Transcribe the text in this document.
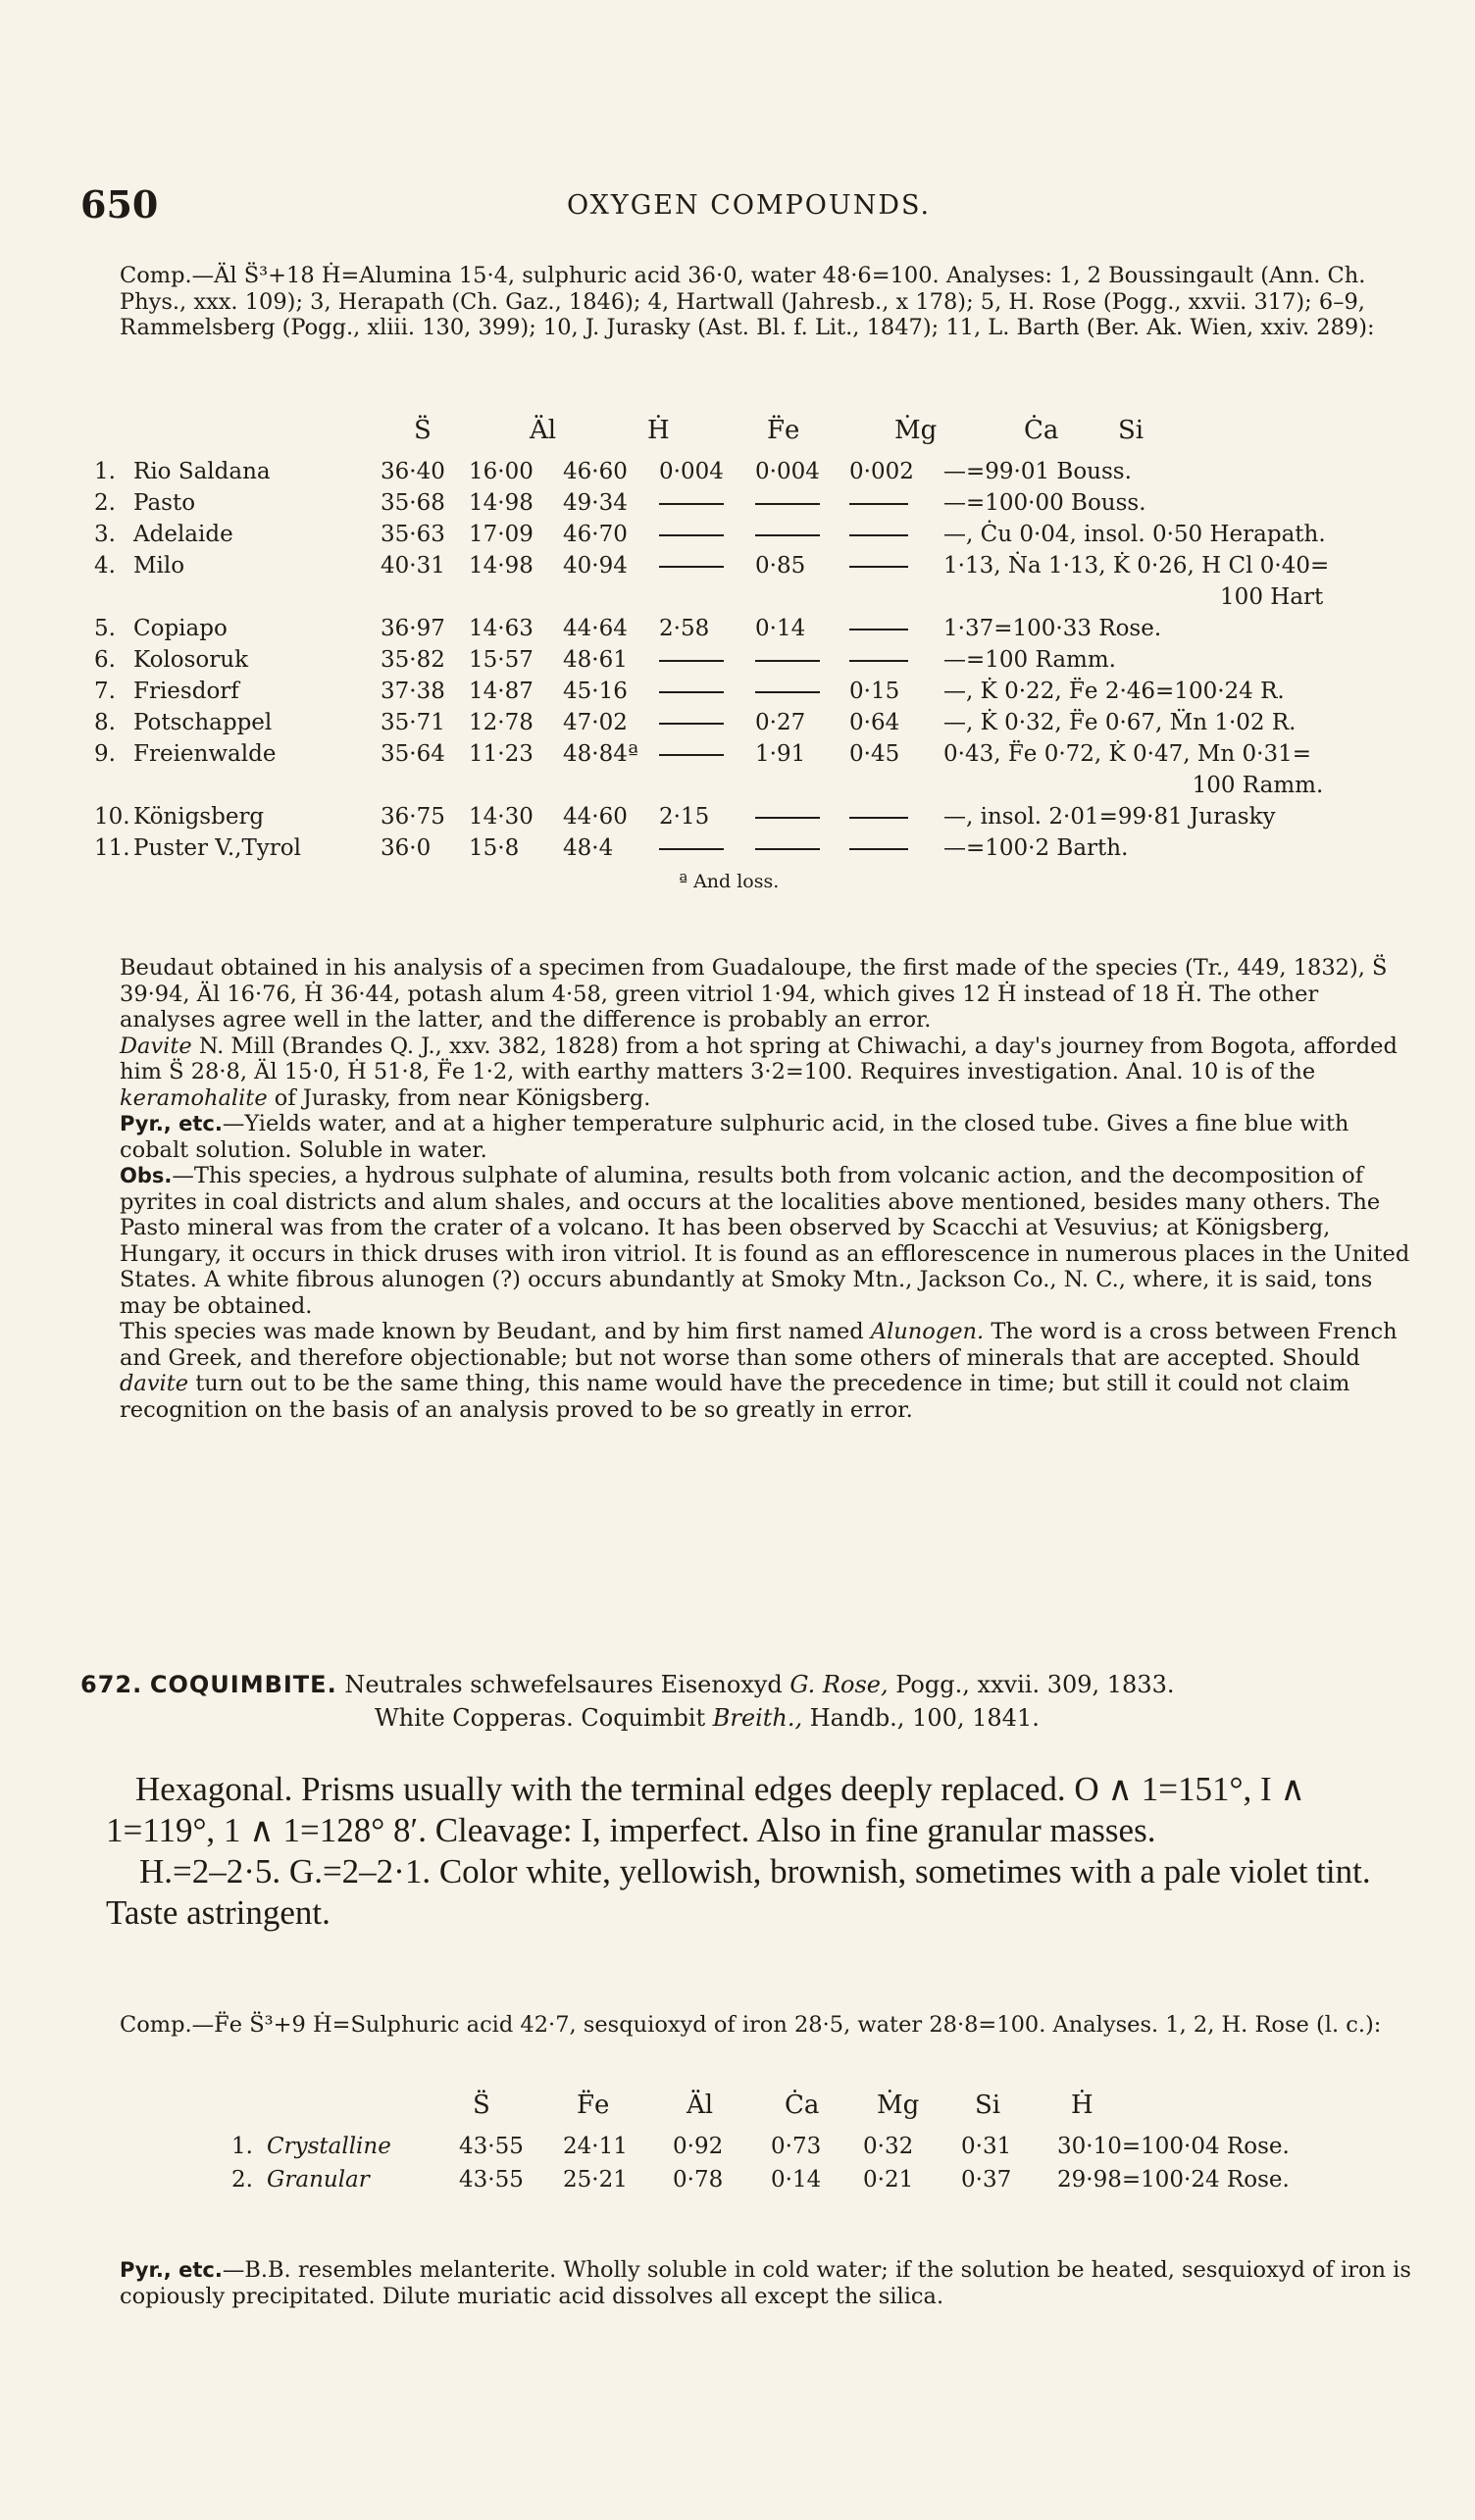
650	OXYGEN COMPOUNDS.

Comp.—Äl S̈³+18 Ḣ=Alumina 15·4, sulphuric acid 36·0, water 48·6=100. Analyses: 1, 2 Boussingault (Ann. Ch. Phys., xxx. 109); 3, Herapath (Ch. Gaz., 1846); 4, Hartwall (Jahresb., x 178); 5, H. Rose (Pogg., xxvii. 317); 6–9, Rammelsberg (Pogg., xliii. 130, 399); 10, J. Jurasky (Ast. Bl. f. Lit., 1847); 11, L. Barth (Ber. Ak. Wien, xxiv. 289):

		S̈	Äl	Ḣ	F̈e	Ṁg	Ċa	Si
1.	Rio Saldana	36·40	16·00	46·60	0·004	0·004	0·002	—=99·01 Bouss.
2.	Pasto	35·68	14·98	49·34				—=100·00 Bouss.
3.	Adelaide	35·63	17·09	46·70				—, Ċu 0·04, insol. 0·50 Herapath.
4.	Milo	40·31	14·98	40·94		0·85		1·13, Ṅa 1·13, K̇ 0·26, H Cl 0·40=
100 Hart								
5.	Copiapo	36·97	14·63	44·64	2·58	0·14		1·37=100·33 Rose.
6.	Kolosoruk	35·82	15·57	48·61				—=100 Ramm.
7.	Friesdorf	37·38	14·87	45·16			0·15	—, K̇ 0·22, F̈e 2·46=100·24 R.
8.	Potschappel	35·71	12·78	47·02		0·27	0·64	—, K̇ 0·32, F̈e 0·67, M̈n 1·02 R.
9.	Freienwalde	35·64	11·23	48·84ª		1·91	0·45	0·43, F̈e 0·72, K̇ 0·47, Mn 0·31=
100 Ramm.								
10.	Königsberg	36·75	14·30	44·60	2·15			—, insol. 2·01=99·81 Jurasky
11.	Puster V.,Tyrol	36·0	15·8	48·4				—=100·2 Barth.
ª And loss.

Beudaut obtained in his analysis of a specimen from Guadaloupe, the first made of the species (Tr., 449, 1832), S̈ 39·94, Äl 16·76, Ḣ 36·44, potash alum 4·58, green vitriol 1·94, which gives 12 Ḣ instead of 18 Ḣ. The other analyses agree well in the latter, and the difference is probably an error.

Davite N. Mill (Brandes Q. J., xxv. 382, 1828) from a hot spring at Chiwachi, a day's journey from Bogota, afforded him S̈ 28·8, Äl 15·0, Ḣ 51·8, F̈e 1·2, with earthy matters 3·2=100. Requires investigation. Anal. 10 is of the keramohalite of Jurasky, from near Königsberg.

Pyr., etc.—Yields water, and at a higher temperature sulphuric acid, in the closed tube. Gives a fine blue with cobalt solution. Soluble in water.

Obs.—This species, a hydrous sulphate of alumina, results both from volcanic action, and the decomposition of pyrites in coal districts and alum shales, and occurs at the localities above mentioned, besides many others. The Pasto mineral was from the crater of a volcano. It has been observed by Scacchi at Vesuvius; at Königsberg, Hungary, it occurs in thick druses with iron vitriol. It is found as an efflorescence in numerous places in the United States. A white fibrous alunogen (?) occurs abundantly at Smoky Mtn., Jackson Co., N. C., where, it is said, tons may be obtained.

This species was made known by Beudant, and by him first named Alunogen. The word is a cross between French and Greek, and therefore objectionable; but not worse than some others of minerals that are accepted. Should davite turn out to be the same thing, this name would have the precedence in time; but still it could not claim recognition on the basis of an analysis proved to be so greatly in error.

672. COQUIMBITE. Neutrales schwefelsaures Eisenoxyd G. Rose, Pogg., xxvii. 309, 1833.
White Copperas. Coquimbit Breith., Handb., 100, 1841.

Hexagonal. Prisms usually with the terminal edges deeply replaced. O ∧ 1=151°, I ∧ 1=119°, 1 ∧ 1=128° 8′. Cleavage: I, imperfect. Also in fine granular masses.

H.=2–2·5. G.=2–2·1. Color white, yellowish, brownish, sometimes with a pale violet tint. Taste astringent.

Comp.—F̈e S̈³+9 Ḣ=Sulphuric acid 42·7, sesquioxyd of iron 28·5, water 28·8=100. Analyses. 1, 2, H. Rose (l. c.):

		S̈	F̈e	Äl	Ċa	Ṁg	Si	Ḣ
1.	Crystalline	43·55	24·11	0·92	0·73	0·32	0·31	30·10=100·04 Rose.
2.	Granular	43·55	25·21	0·78	0·14	0·21	0·37	29·98=100·24 Rose.

Pyr., etc.—B.B. resembles melanterite. Wholly soluble in cold water; if the solution be heated, sesquioxyd of iron is copiously precipitated. Dilute muriatic acid dissolves all except the silica.
